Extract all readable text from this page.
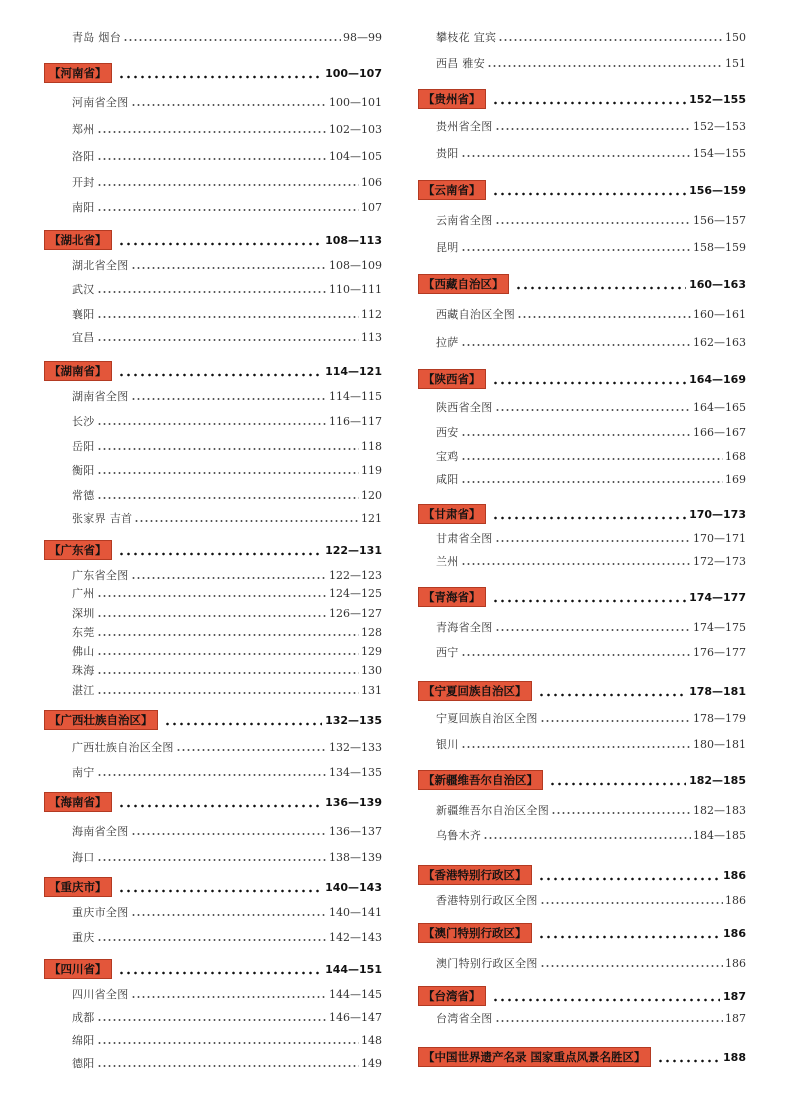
青岛 烟台	98—99
【河南省】	100—107
河南省全图	100—101
郑州	102—103
洛阳	104—105
开封	106
南阳	107
【湖北省】	108—113
湖北省全图	108—109
武汉	110—111
襄阳	112
宜昌	113
【湖南省】	114—121
湖南省全图	114—115
长沙	116—117
岳阳	118
衡阳	119
常德	120
张家界 吉首	121
【广东省】	122—131
广东省全图	122—123
广州	124—125
深圳	126—127
东莞	128
佛山	129
珠海	130
湛江	131
【广西壮族自治区】	132—135
广西壮族自治区全图	132—133
南宁	134—135
【海南省】	136—139
海南省全图	136—137
海口	138—139
【重庆市】	140—143
重庆市全图	140—141
重庆	142—143
【四川省】	144—151
四川省全图	144—145
成都	146—147
绵阳	148
德阳	149
攀枝花 宜宾	150
西昌 雅安	151
【贵州省】	152—155
贵州省全图	152—153
贵阳	154—155
【云南省】	156—159
云南省全图	156—157
昆明	158—159
【西藏自治区】	160—163
西藏自治区全图	160—161
拉萨	162—163
【陕西省】	164—169
陕西省全图	164—165
西安	166—167
宝鸡	168
咸阳	169
【甘肃省】	170—173
甘肃省全图	170—171
兰州	172—173
【青海省】	174—177
青海省全图	174—175
西宁	176—177
【宁夏回族自治区】	178—181
宁夏回族自治区全图	178—179
银川	180—181
【新疆维吾尔自治区】	182—185
新疆维吾尔自治区全图	182—183
乌鲁木齐	184—185
【香港特别行政区】	186
香港特别行政区全图	186
【澳门特别行政区】	186
澳门特别行政区全图	186
【台湾省】	187
台湾省全图	187
【中国世界遗产名录 国家重点风景名胜区】	188
